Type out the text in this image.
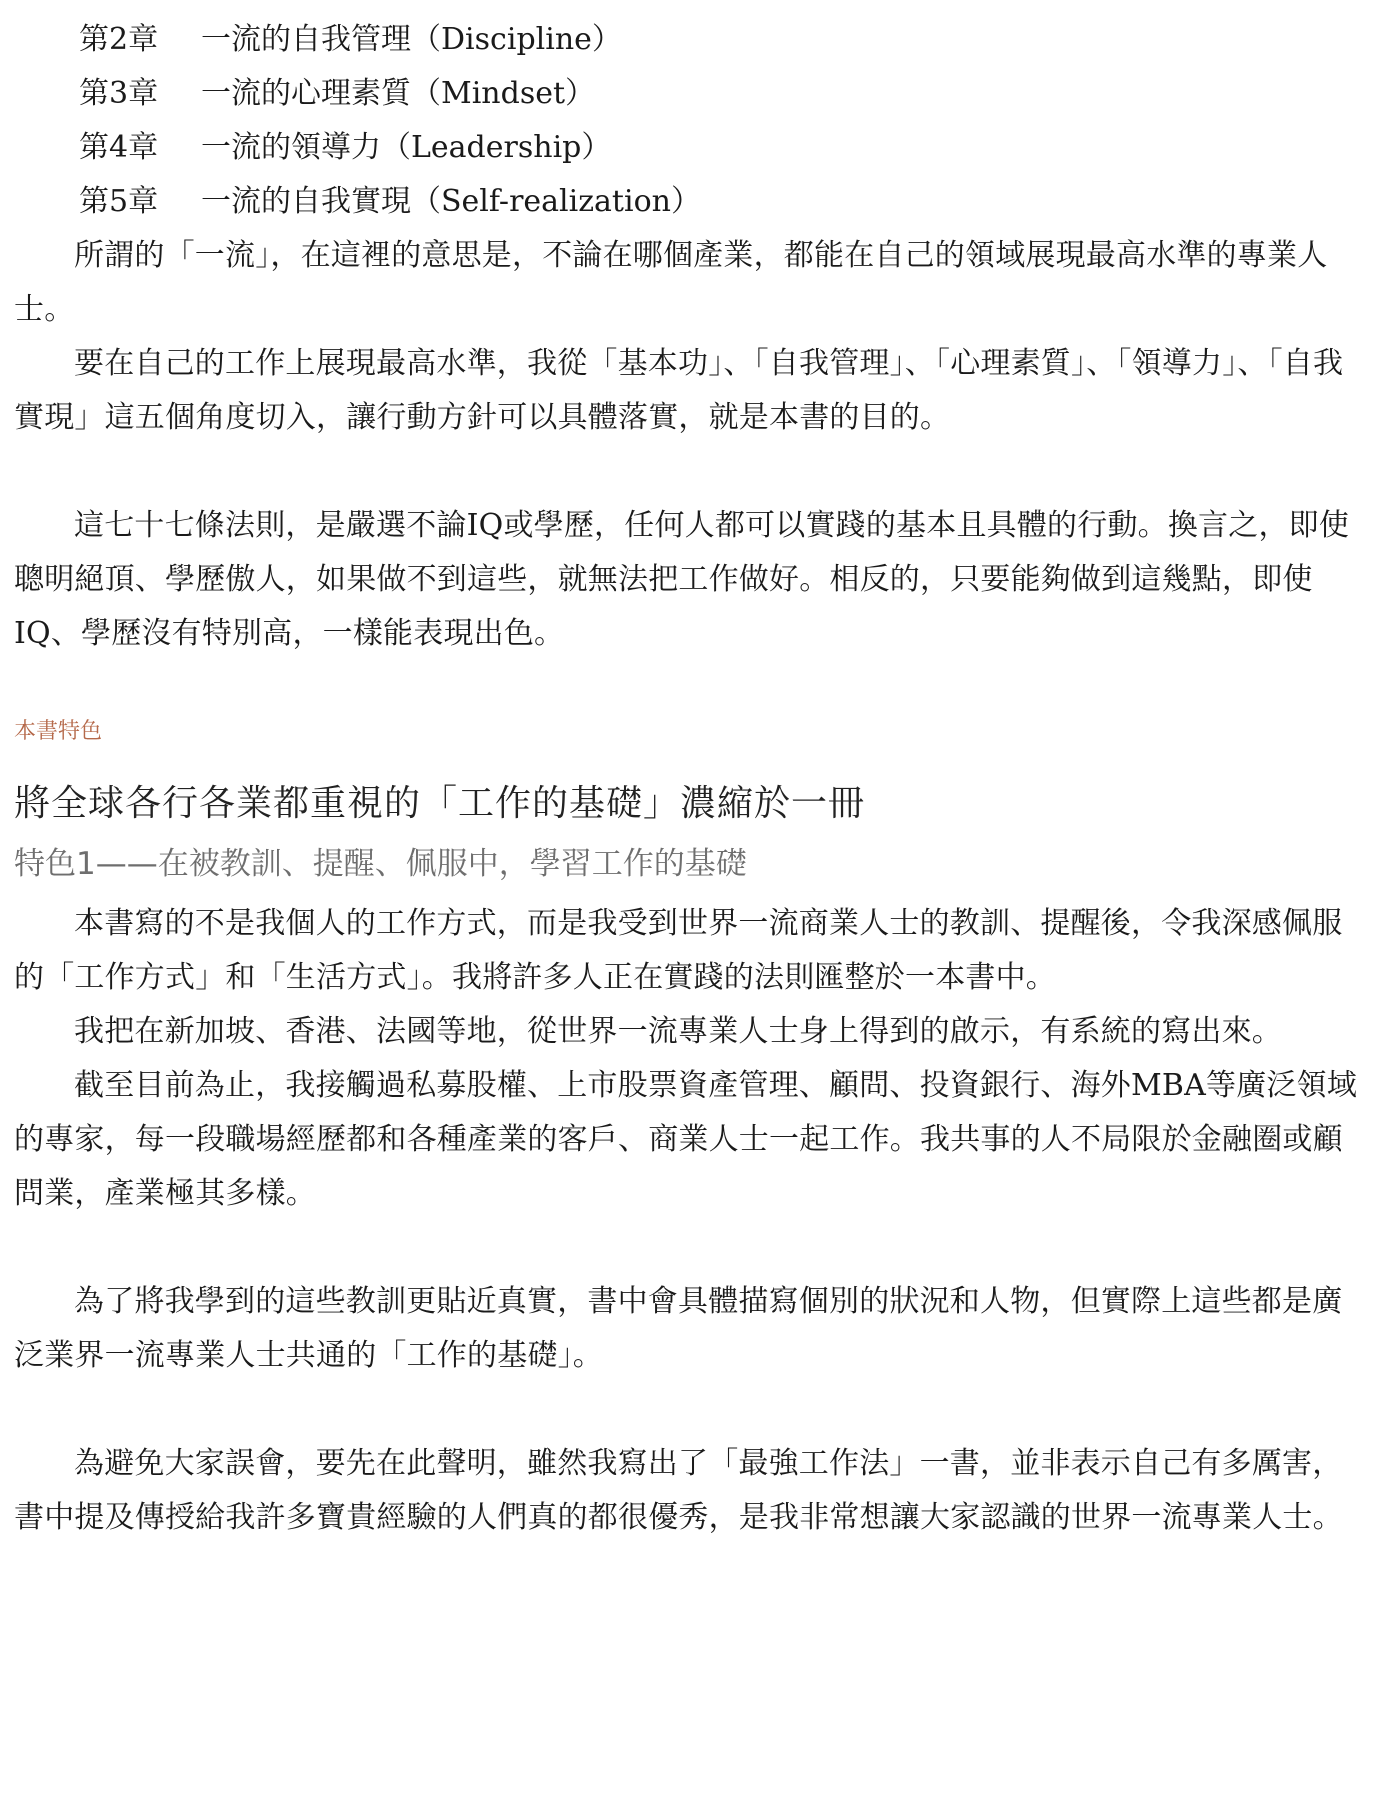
第2章 一流的自我管理（Discipline）
第3章 一流的心理素質（Mindset）
第4章 一流的領導力（Leadership）
第5章 一流的自我實現（Self-realization）

所謂的「一流」，在這裡的意思是，不論在哪個產業，都能在自己的領域展現最高水準的專業人士。

要在自己的工作上展現最高水準，我從「基本功」、「自我管理」、「心理素質」、「領導力」、「自我實現」這五個角度切入，讓行動方針可以具體落實，就是本書的目的。

這七十七條法則，是嚴選不論IQ或學歷，任何人都可以實踐的基本且具體的行動。換言之，即使聰明絕頂、學歷傲人，如果做不到這些，就無法把工作做好。相反的，只要能夠做到這幾點，即使IQ、學歷沒有特別高，一樣能表現出色。

本書特色
將全球各行各業都重視的「工作的基礎」濃縮於一冊
特色1——在被教訓、提醒、佩服中，學習工作的基礎

本書寫的不是我個人的工作方式，而是我受到世界一流商業人士的教訓、提醒後，令我深感佩服的「工作方式」和「生活方式」。我將許多人正在實踐的法則匯整於一本書中。

我把在新加坡、香港、法國等地，從世界一流專業人士身上得到的啟示，有系統的寫出來。

截至目前為止，我接觸過私募股權、上市股票資產管理、顧問、投資銀行、海外MBA等廣泛領域的專家，每一段職場經歷都和各種產業的客戶、商業人士一起工作。我共事的人不局限於金融圈或顧問業，產業極其多樣。

為了將我學到的這些教訓更貼近真實，書中會具體描寫個別的狀況和人物，但實際上這些都是廣泛業界一流專業人士共通的「工作的基礎」。

為避免大家誤會，要先在此聲明，雖然我寫出了「最強工作法」一書，並非表示自己有多厲害，書中提及傳授給我許多寶貴經驗的人們真的都很優秀，是我非常想讓大家認識的世界一流專業人士。
